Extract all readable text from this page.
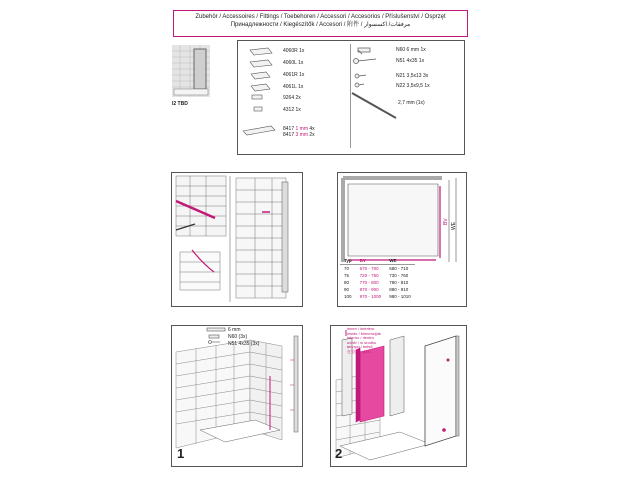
Zubehör / Accessoires / Fittings / Toebehoren / Accessori / Accesorios / Příslušenství / Osprzęt
Принадлежности / Kiegészítők / Accesori / 附件 / مرفقات/ اكسسوار
I2 TBD
4060R 1x
4060L 1x
4061R 1x
4061L 1x
9264 2x
4312 1x
8417 1 mm 4x
8417 3 mm 2x
N60 6 mm 1x
N51 4x35 1x
N21 3,5x13 3x
N22 3,5x9,5 1x
2,7 mm (1x)
BV
WE
Typ	BV	WE
70	670 - 700	680 - 710
75	720 - 750	730 - 760
80	770 - 800	780 - 810
90	870 - 900	880 - 910
100	970 - 1000	980 - 1010
6 mm
N60 (3x)
N51 4x35 (3x)
1
innen / intérieur
inside / binnenzijde
interno / dentro
uvnitř / w środku
внутри / belső
在里面 / داخل
2
